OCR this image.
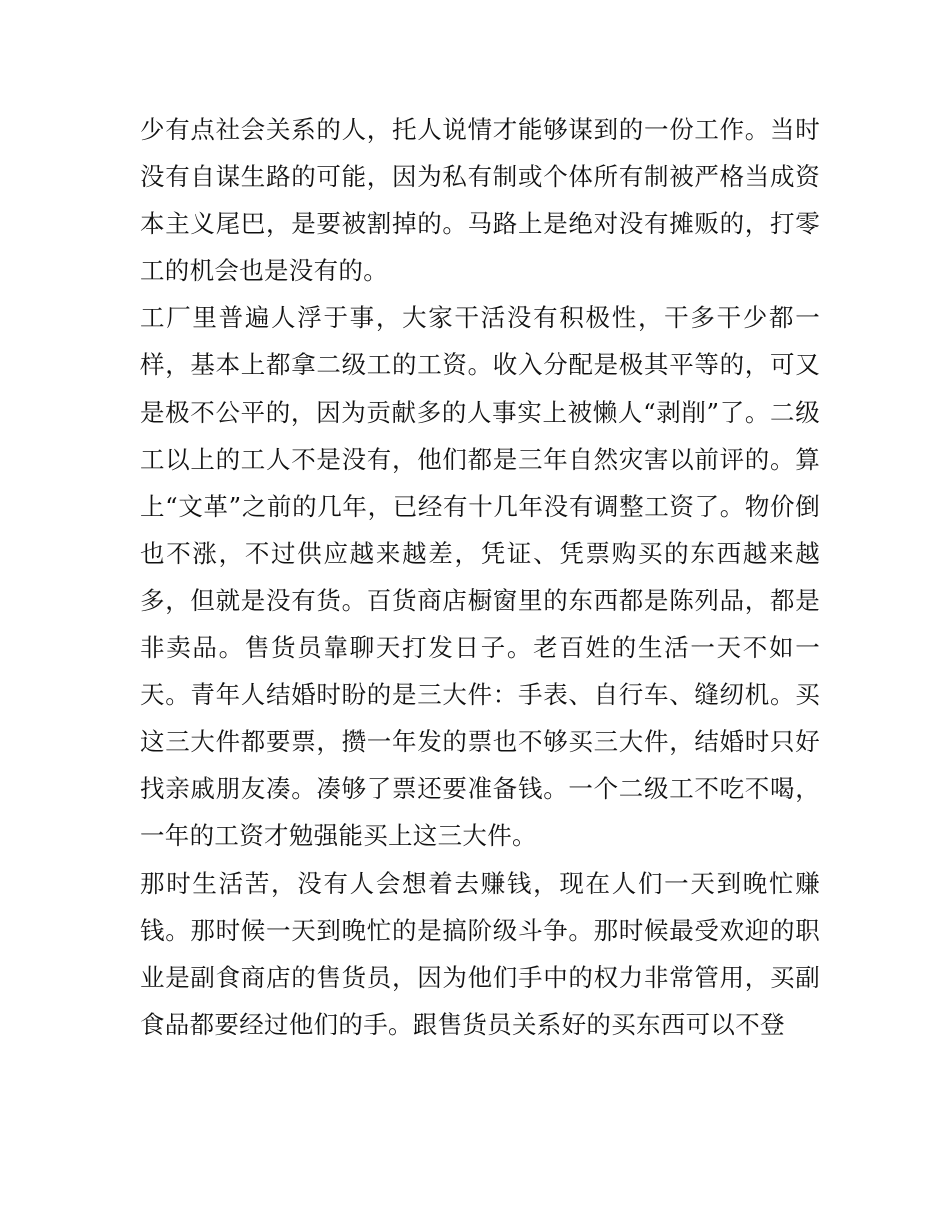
少有点社会关系的人，托人说情才能够谋到的一份工作。当时
没有自谋生路的可能，因为私有制或个体所有制被严格当成资
本主义尾巴，是要被割掉的。马路上是绝对没有摊贩的，打零
工的机会也是没有的。
工厂里普遍人浮于事，大家干活没有积极性，干多干少都一
样，基本上都拿二级工的工资。收入分配是极其平等的，可又
是极不公平的，因为贡献多的人事实上被懒人“剥削”了。二级
工以上的工人不是没有，他们都是三年自然灾害以前评的。算
上“文革”之前的几年，已经有十几年没有调整工资了。物价倒
也不涨，不过供应越来越差，凭证、凭票购买的东西越来越
多，但就是没有货。百货商店橱窗里的东西都是陈列品，都是
非卖品。售货员靠聊天打发日子。老百姓的生活一天不如一
天。青年人结婚时盼的是三大件：手表、自行车、缝纫机。买
这三大件都要票，攒一年发的票也不够买三大件，结婚时只好
找亲戚朋友凑。凑够了票还要准备钱。一个二级工不吃不喝，
一年的工资才勉强能买上这三大件。
那时生活苦，没有人会想着去赚钱，现在人们一天到晚忙赚
钱。那时候一天到晚忙的是搞阶级斗争。那时候最受欢迎的职
业是副食商店的售货员，因为他们手中的权力非常管用，买副
食品都要经过他们的手。跟售货员关系好的买东西可以不登
